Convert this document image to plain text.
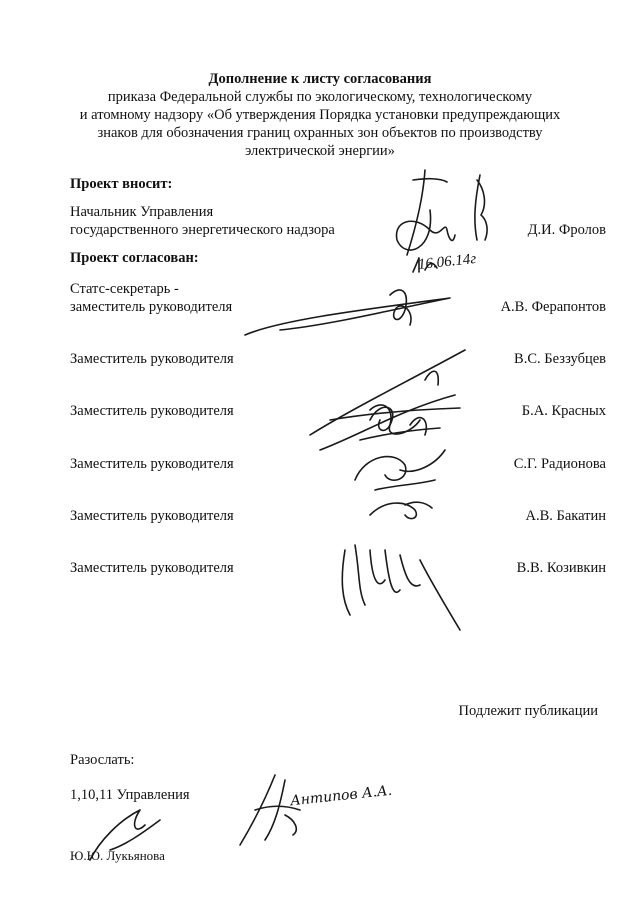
Дополнение к листу согласования
приказа Федеральной службы по экологическому, технологическому
и атомному надзору «Об утверждения Порядка установки предупреждающих
знаков для обозначения границ охранных зон объектов по производству
электрической энергии»
Проект вносит:
Начальник Управления
государственного энергетического надзора	Д.И. Фролов
Проект согласован:
Статс-секретарь -
заместитель руководителя	А.В. Ферапонтов
Заместитель руководителя	В.С. Беззубцев
Заместитель руководителя	Б.А. Красных
Заместитель руководителя	С.Г. Радионова
Заместитель руководителя	А.В. Бакатин
Заместитель руководителя	В.В. Козивкин
Подлежит публикации
Разослать:
1,10,11 Управления
Ю.Ю. Лукьянова
16.06.14г
Антипов А.А.
